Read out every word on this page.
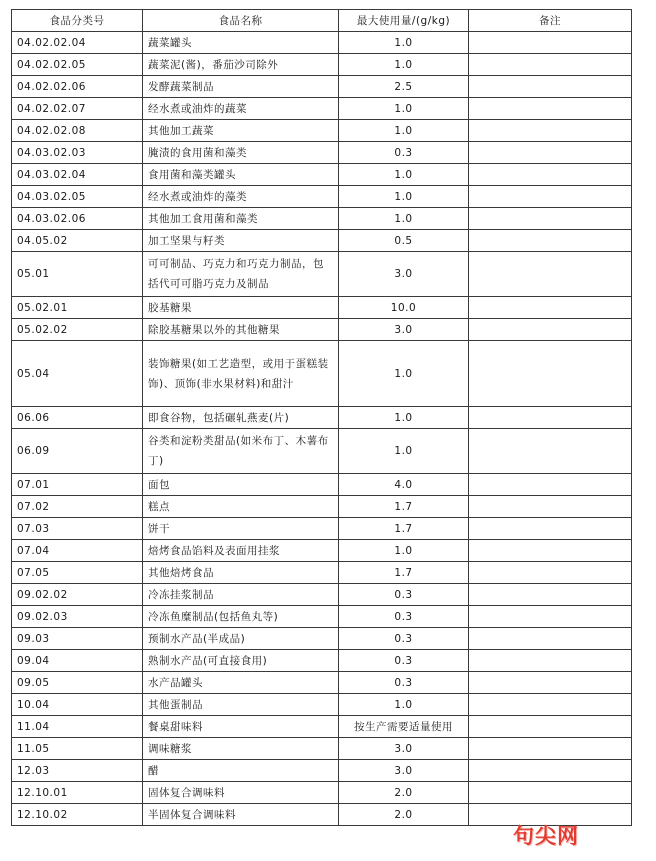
食品分类号	食品名称	最大使用量/(g/kg)	备注
04.02.02.04	蔬菜罐头	1.0	
04.02.02.05	蔬菜泥(酱)，番茄沙司除外	1.0	
04.02.02.06	发酵蔬菜制品	2.5	
04.02.02.07	经水煮或油炸的蔬菜	1.0	
04.02.02.08	其他加工蔬菜	1.0	
04.03.02.03	腌渍的食用菌和藻类	0.3	
04.03.02.04	食用菌和藻类罐头	1.0	
04.03.02.05	经水煮或油炸的藻类	1.0	
04.03.02.06	其他加工食用菌和藻类	1.0	
04.05.02	加工坚果与籽类	0.5	
05.01	可可制品、巧克力和巧克力制品，包括代可可脂巧克力及制品	3.0	
05.02.01	胶基糖果	10.0	
05.02.02	除胶基糖果以外的其他糖果	3.0	
05.04	装饰糖果(如工艺造型，或用于蛋糕装饰)、顶饰(非水果材料)和甜汁	1.0	
06.06	即食谷物，包括碾轧燕麦(片)	1.0	
06.09	谷类和淀粉类甜品(如米布丁、木薯布丁)	1.0	
07.01	面包	4.0	
07.02	糕点	1.7	
07.03	饼干	1.7	
07.04	焙烤食品馅料及表面用挂浆	1.0	
07.05	其他焙烤食品	1.7	
09.02.02	冷冻挂浆制品	0.3	
09.02.03	冷冻鱼糜制品(包括鱼丸等)	0.3	
09.03	预制水产品(半成品)	0.3	
09.04	熟制水产品(可直接食用)	0.3	
09.05	水产品罐头	0.3	
10.04	其他蛋制品	1.0	
11.04	餐桌甜味料	按生产需要适量使用	
11.05	调味糖浆	3.0	
12.03	醋	3.0	
12.10.01	固体复合调味料	2.0	
12.10.02	半固体复合调味料	2.0	
句尖网
